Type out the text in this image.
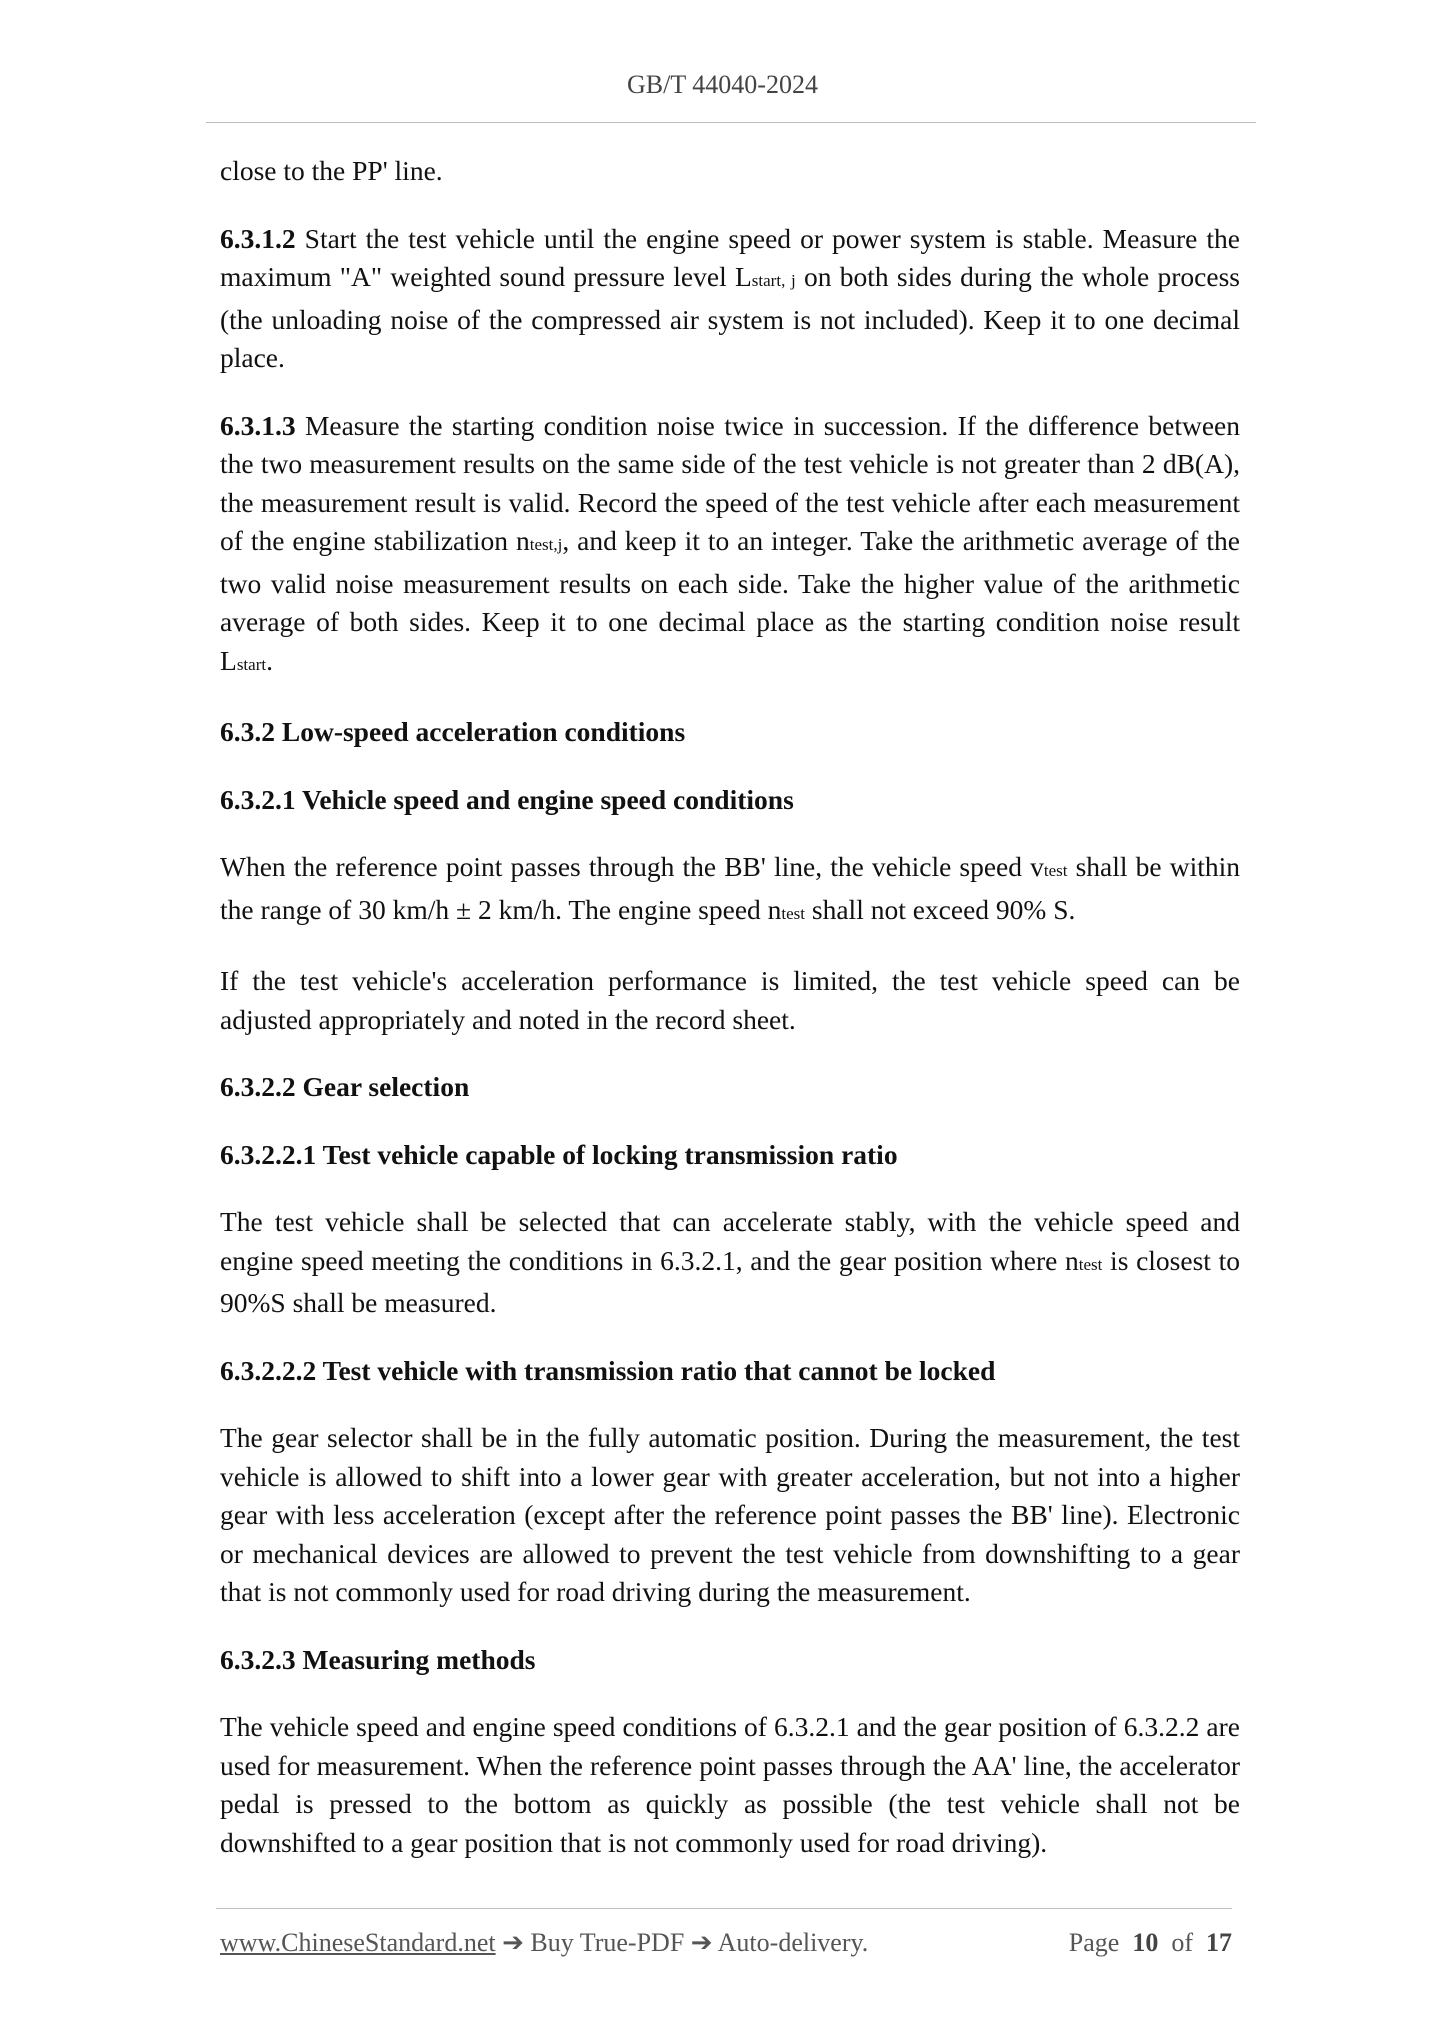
GB/T 44040-2024

close to the PP' line.

6.3.1.2 Start the test vehicle until the engine speed or power system is stable. Measure the maximum "A" weighted sound pressure level Lstart, j on both sides during the whole process (the unloading noise of the compressed air system is not included). Keep it to one decimal place.

6.3.1.3 Measure the starting condition noise twice in succession. If the difference between the two measurement results on the same side of the test vehicle is not greater than 2 dB(A), the measurement result is valid. Record the speed of the test vehicle after each measurement of the engine stabilization ntest,j, and keep it to an integer. Take the arithmetic average of the two valid noise measurement results on each side. Take the higher value of the arithmetic average of both sides. Keep it to one decimal place as the starting condition noise result Lstart.

6.3.2 Low-speed acceleration conditions

6.3.2.1 Vehicle speed and engine speed conditions

When the reference point passes through the BB' line, the vehicle speed vtest shall be within the range of 30 km/h ± 2 km/h. The engine speed ntest shall not exceed 90% S.

If the test vehicle's acceleration performance is limited, the test vehicle speed can be adjusted appropriately and noted in the record sheet.

6.3.2.2 Gear selection

6.3.2.2.1 Test vehicle capable of locking transmission ratio

The test vehicle shall be selected that can accelerate stably, with the vehicle speed and engine speed meeting the conditions in 6.3.2.1, and the gear position where ntest is closest to 90%S shall be measured.

6.3.2.2.2 Test vehicle with transmission ratio that cannot be locked

The gear selector shall be in the fully automatic position. During the measurement, the test vehicle is allowed to shift into a lower gear with greater acceleration, but not into a higher gear with less acceleration (except after the reference point passes the BB' line). Electronic or mechanical devices are allowed to prevent the test vehicle from downshifting to a gear that is not commonly used for road driving during the measurement.

6.3.2.3 Measuring methods

The vehicle speed and engine speed conditions of 6.3.2.1 and the gear position of 6.3.2.2 are used for measurement. When the reference point passes through the AA' line, the accelerator pedal is pressed to the bottom as quickly as possible (the test vehicle shall not be downshifted to a gear position that is not commonly used for road driving).

www.ChineseStandard.net ➔ Buy True-PDF ➔ Auto-delivery.	Page 10 of 17
